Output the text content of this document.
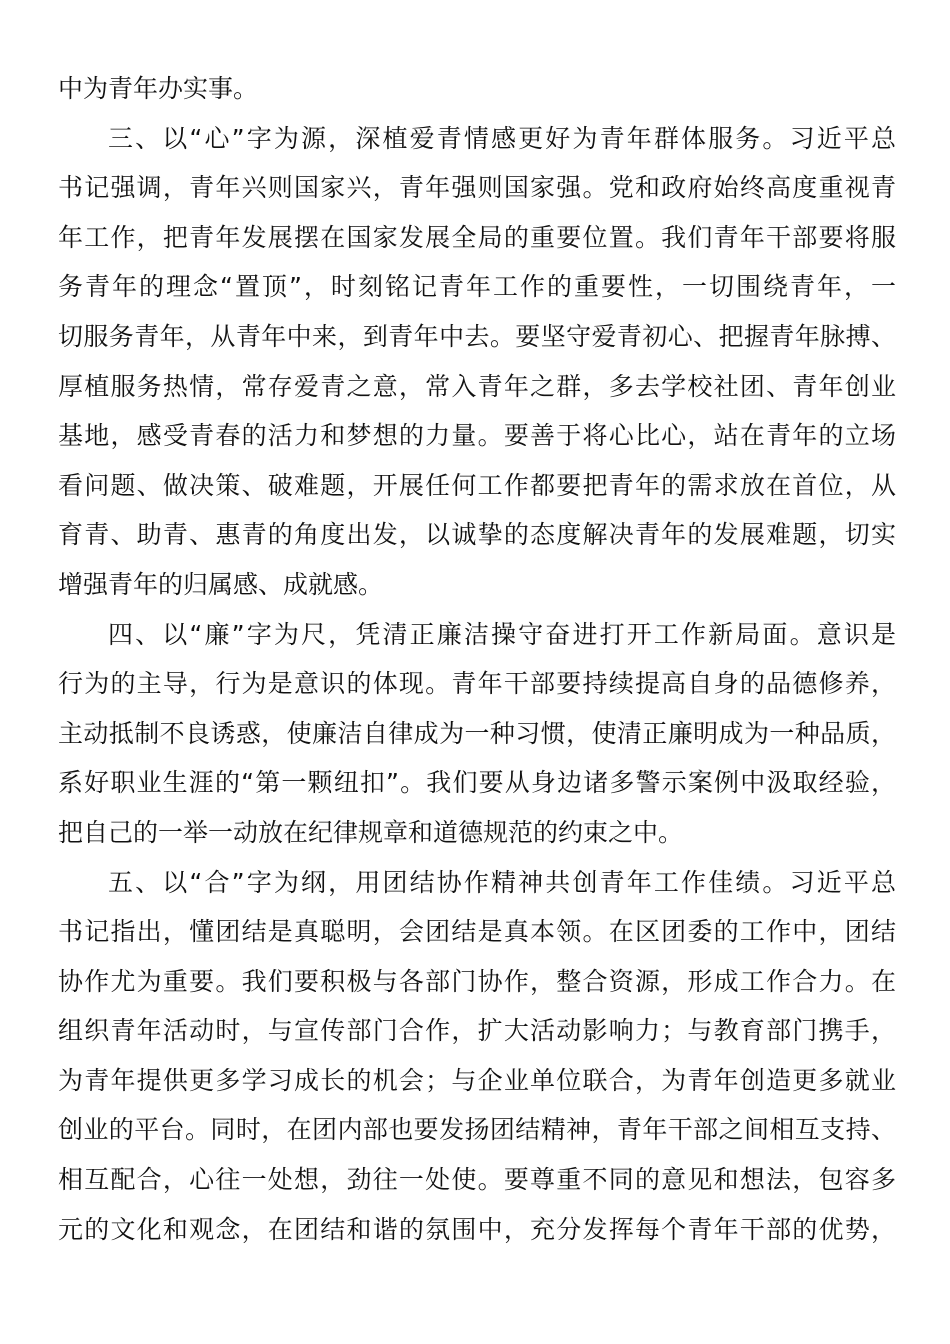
中为青年办实事。
三、以“心”字为源，深植爱青情感更好为青年群体服务。习近平总
书记强调，青年兴则国家兴，青年强则国家强。党和政府始终高度重视青
年工作，把青年发展摆在国家发展全局的重要位置。我们青年干部要将服
务青年的理念“置顶”，时刻铭记青年工作的重要性，一切围绕青年，一
切服务青年，从青年中来，到青年中去。要坚守爱青初心、把握青年脉搏、
厚植服务热情，常存爱青之意，常入青年之群，多去学校社团、青年创业
基地，感受青春的活力和梦想的力量。要善于将心比心，站在青年的立场
看问题、做决策、破难题，开展任何工作都要把青年的需求放在首位，从
育青、助青、惠青的角度出发，以诚挚的态度解决青年的发展难题，切实
增强青年的归属感、成就感。
四、以“廉”字为尺，凭清正廉洁操守奋进打开工作新局面。意识是
行为的主导，行为是意识的体现。青年干部要持续提高自身的品德修养，
主动抵制不良诱惑，使廉洁自律成为一种习惯，使清正廉明成为一种品质，
系好职业生涯的“第一颗纽扣”。我们要从身边诸多警示案例中汲取经验，
把自己的一举一动放在纪律规章和道德规范的约束之中。
五、以“合”字为纲，用团结协作精神共创青年工作佳绩。习近平总
书记指出，懂团结是真聪明，会团结是真本领。在区团委的工作中，团结
协作尤为重要。我们要积极与各部门协作，整合资源，形成工作合力。在
组织青年活动时，与宣传部门合作，扩大活动影响力；与教育部门携手，
为青年提供更多学习成长的机会；与企业单位联合，为青年创造更多就业
创业的平台。同时，在团内部也要发扬团结精神，青年干部之间相互支持、
相互配合，心往一处想，劲往一处使。要尊重不同的意见和想法，包容多
元的文化和观念，在团结和谐的氛围中，充分发挥每个青年干部的优势，
